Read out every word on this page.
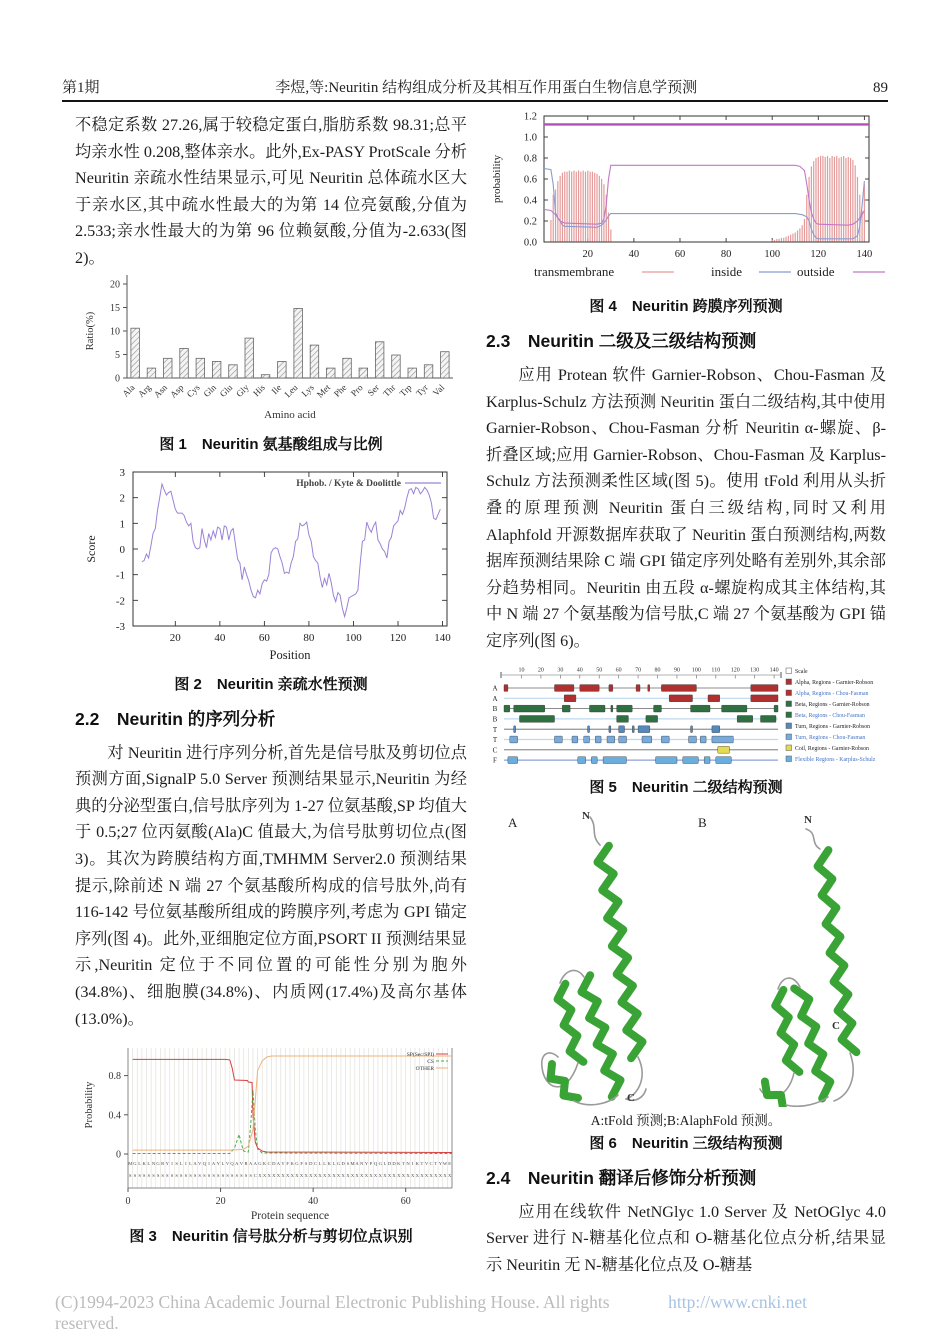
第1期	李煜,等:Neuritin 结构组成分析及其相互作用蛋白生物信息学预测	89

不稳定系数 27.26,属于较稳定蛋白,脂肪系数 98.31;总平均亲水性 0.208,整体亲水。此外,Ex-PASY ProtScale 分析 Neuritin 亲疏水性结果显示,可见 Neuritin 总体疏水区大于亲水区,其中疏水性最大的为第 14 位亮氨酸,分值为 2.533;亲水性最大的为第 96 位赖氨酸,分值为-2.633(图 2)。

0
5
10
15
20
Ala Arg
Asn
Asp Cys Gln Glu Gly His Ile Leu Lys
Met Phe Pro Ser Thr Trp Tyr Val
Amino acid
Ratio(%)
图 1　Neuritin 氨基酸组成与比例
-3
-2
-1
0
1
2
3
20	40	60	80	100	120	140
Hphob. / Kyte & Doolittle
Position
Score
图 2　Neuritin 亲疏水性预测
2.2　Neuritin 的序列分析

对 Neuritin 进行序列分析,首先是信号肽及剪切位点预测方面,SignalP 5.0 Server 预测结果显示,Neuritin 为经典的分泌型蛋白,信号肽序列为 1-27 位氨基酸,SP 均值大于 0.5;27 位丙氨酸(Ala)C 值最大,为信号肽剪切位点(图 3)。其次为跨膜结构方面,TMHMM Server2.0 预测结果提示,除前述 N 端 27 个氨基酸所构成的信号肽外,尚有 116-142 号位氨基酸所组成的跨膜序列,考虑为 GPI 锚定序列(图 4)。此外,亚细胞定位方面,PSORT II 预测结果显示,Neuritin 定位于不同位置的可能性分别为胞外(34.8%)、细胞膜(34.8%)、内质网(17.4%)及高尔基体(13.0%)。

0
0.4
0.8
0	20	40	60
SP(Sec/SPI)
CS
OTHER
M G L K L N G R Y I S L I L A V Q I A Y L V Q A V R A A G K C D A V F K G F S D C L L K L G D S M A N Y P Q G L D D K T N I K T V C T Y W E
S S S S S S S S S S S S S S S S S S S S S S S S S S S C X X X X X X X X X X X X X X X X X X X X X X X X X X X X X X X X X X X X X X X X X X
Protein sequence
Probability
图 3　Neuritin 信号肽分析与剪切位点识别
0.0
0.2
0.4
0.6
0.8
1.0
1.2
20	40	60	80	100	120	140
transmembrane	inside	outside
probability
图 4　Neuritin 跨膜序列预测
2.3　Neuritin 二级及三级结构预测

应用 Protean 软件 Garnier-Robson、Chou-Fasman 及 Karplus-Schulz 方法预测 Neuritin 蛋白二级结构,其中使用 Garnier-Robson、Chou-Fasman 分析 Neuritin α-螺旋、β-折叠区域;应用 Garnier-Robson、Chou-Fasman 及 Karplus-Schulz 方法预测柔性区域(图 5)。使用 tFold 利用从头折叠的原理预测 Neuritin 蛋白三级结构,同时又利用 Alaphfold 开源数据库获取了 Neuritin 蛋白预测结构,两数据库预测结果除 C 端 GPI 锚定序列处略有差别外,其余部分趋势相同。Neuritin 由五段 α-螺旋构成其主体结构,其中 N 端 27 个氨基酸为信号肽,C 端 27 个氨基酸为 GPI 锚定序列(图 6)。

10 20 30 40 50 60 70 80 90 100 110 120 130 140
A
A
B
B
T
T
C
F
Scale
Alpha, Regions - Garnier-Robson
Alpha, Regions - Chou-Fasman
Beta, Regions - Garnier-Robson
Beta, Regions - Chou-Fasman
Turn, Regions - Garnier-Robson
Turn, Regions - Chou-Fasman
Coil, Regions - Garnier-Robson
Flexible Regions - Karplus-Schulz
图 5　Neuritin 二级结构预测
A	N
C
B	N
C
A:tFold 预测;B:AlaphFold 预测。
图 6　Neuritin 三级结构预测
2.4　Neuritin 翻译后修饰分析预测

应用在线软件 NetNGlyc 1.0 Server 及 NetOGlyc 4.0 Server 进行 N-糖基化位点和 O-糖基化位点分析,结果显示 Neuritin 无 N-糖基化位点及 O-糖基

(C)1994-2023 China Academic Journal Electronic Publishing House. All rights reserved.
http://www.cnki.net
